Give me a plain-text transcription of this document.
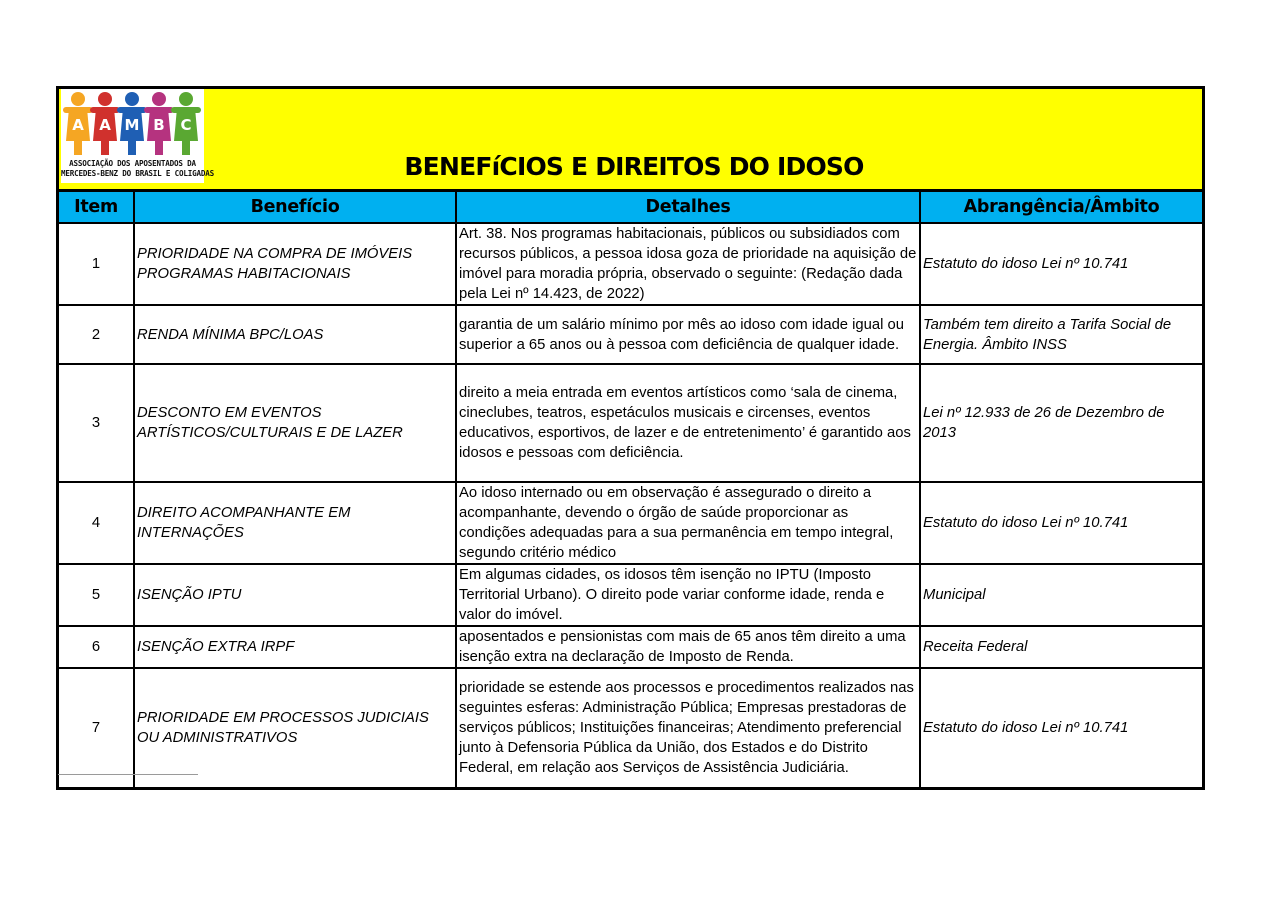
A A M B C
ASSOCIAÇÃO DOS APOSENTADOS DA
MERCEDES-BENZ DO BRASIL E COLIGADAS	BENEFíCIOS E DIREITOS DO IDOSO
Item	Benefício	Detalhes	Abrangência/Âmbito
1	PRIORIDADE NA COMPRA DE IMÓVEIS PROGRAMAS HABITACIONAIS	Art. 38. Nos programas habitacionais, públicos ou subsidiados com recursos públicos, a pessoa idosa goza de prioridade na aquisição de imóvel para moradia própria, observado o seguinte: (Redação dada pela Lei nº 14.423, de 2022)	Estatuto do idoso Lei nº 10.741
2	RENDA MÍNIMA BPC/LOAS	garantia de um salário mínimo por mês ao idoso com idade igual ou superior a 65 anos ou à pessoa com deficiência de qualquer idade.	Também tem direito a Tarifa Social de Energia. Âmbito INSS
3	DESCONTO EM EVENTOS ARTÍSTICOS/CULTURAIS E DE LAZER	direito a meia entrada em eventos artísticos como ‘sala de cinema, cineclubes, teatros, espetáculos musicais e circenses, eventos educativos, esportivos, de lazer e de entretenimento’ é garantido aos idosos e pessoas com deficiência.	Lei nº 12.933 de 26 de Dezembro de 2013
4	DIREITO ACOMPANHANTE EM INTERNAÇÕES	Ao idoso internado ou em observação é assegurado o direito a acompanhante, devendo o órgão de saúde proporcionar as condições adequadas para a sua permanência em tempo integral, segundo critério médico	Estatuto do idoso Lei nº 10.741
5	ISENÇÃO IPTU	Em algumas cidades, os idosos têm isenção no IPTU (Imposto Territorial Urbano). O direito pode variar conforme idade, renda e valor do imóvel.	Municipal
6	ISENÇÃO EXTRA IRPF	aposentados e pensionistas com mais de 65 anos têm direito a uma isenção extra na declaração de Imposto de Renda.	Receita Federal
7	PRIORIDADE EM PROCESSOS JUDICIAIS OU ADMINISTRATIVOS	prioridade se estende aos processos e procedimentos realizados nas seguintes esferas: Administração Pública; Empresas prestadoras de serviços públicos; Instituições financeiras; Atendimento preferencial junto à Defensoria Pública da União, dos Estados e do Distrito Federal, em relação aos Serviços de Assistência Judiciária.	Estatuto do idoso Lei nº 10.741
